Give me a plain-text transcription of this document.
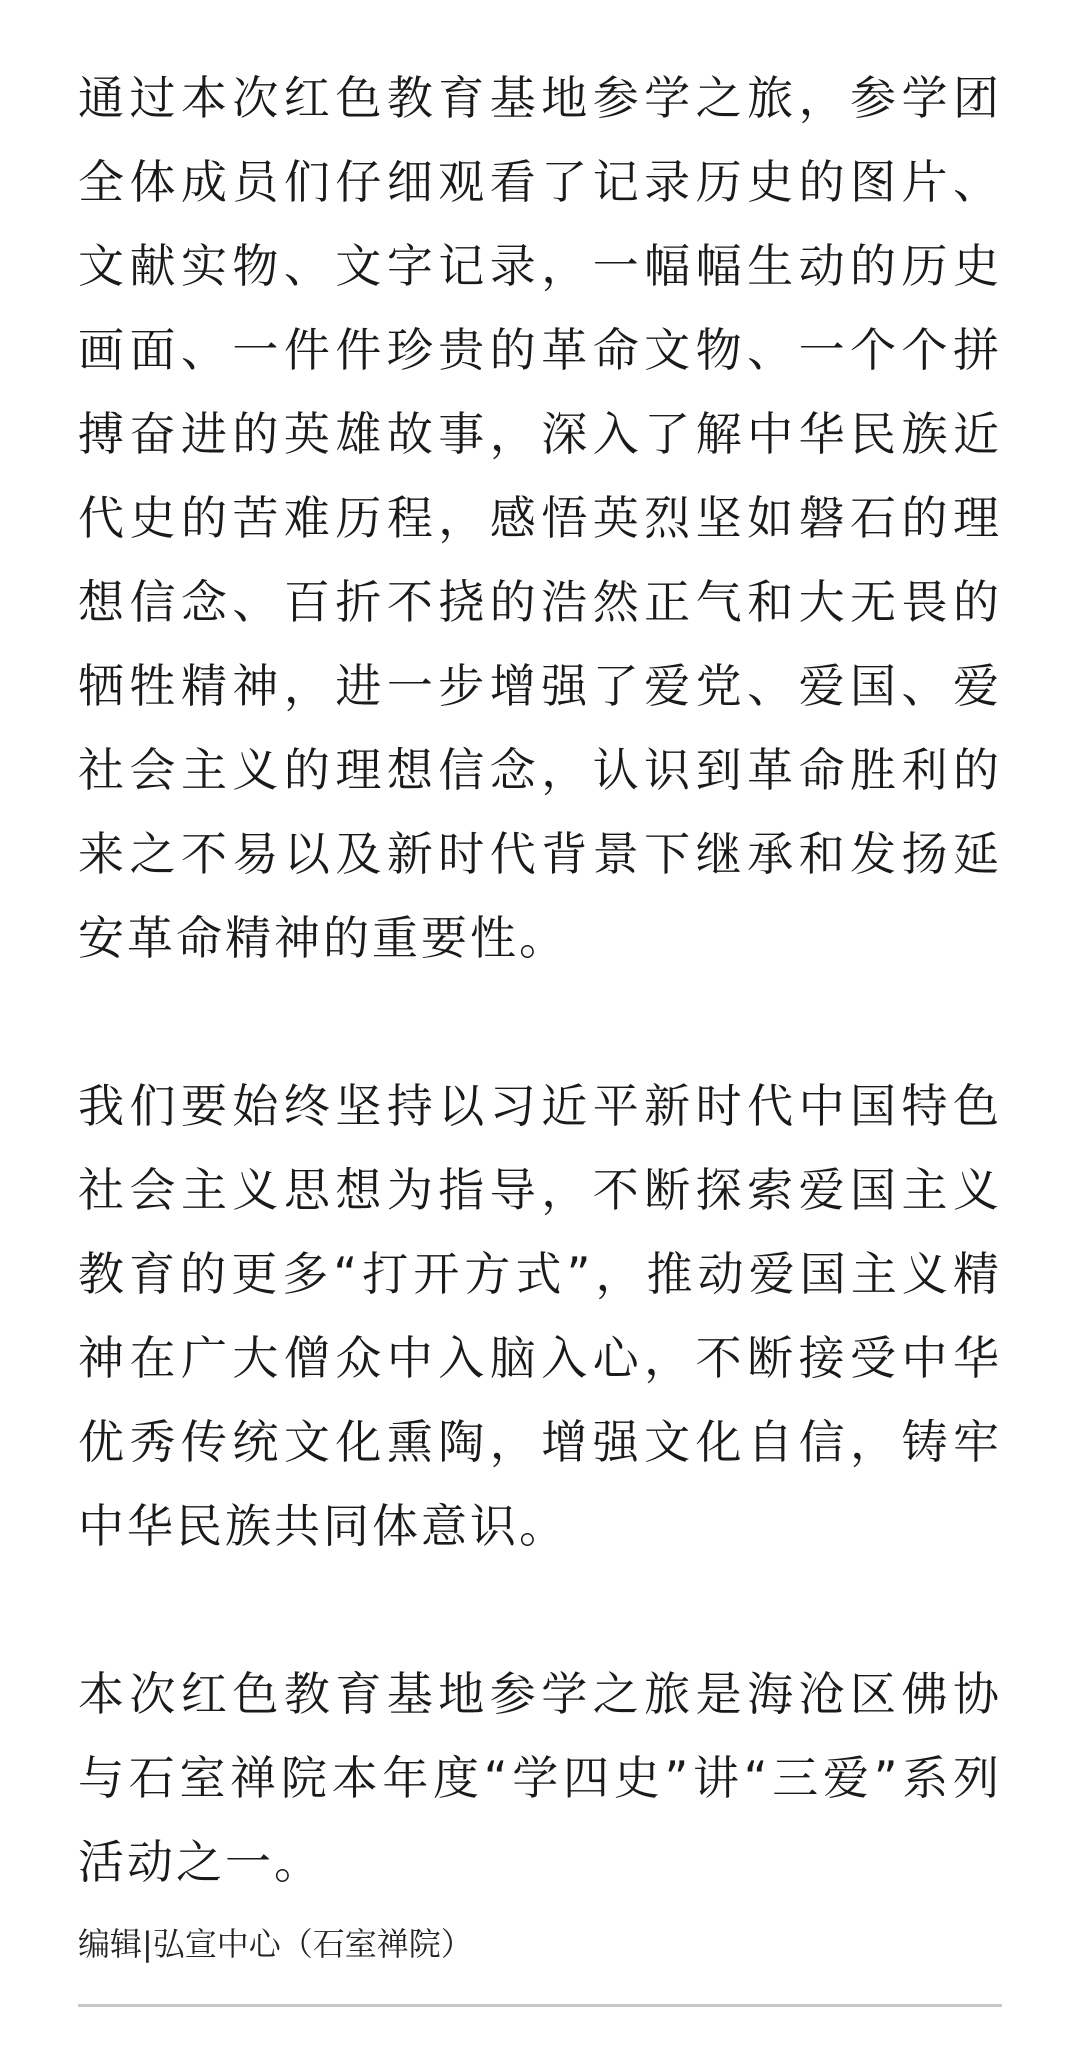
通过本次红色教育基地参学之旅，参学团全体成员们仔细观看了记录历史的图片、文献实物、文字记录，一幅幅生动的历史画面、一件件珍贵的革命文物、一个个拼搏奋进的英雄故事，深入了解中华民族近代史的苦难历程，感悟英烈坚如磐石的理想信念、百折不挠的浩然正气和大无畏的牺牲精神，进一步增强了爱党、爱国、爱社会主义的理想信念，认识到革命胜利的来之不易以及新时代背景下继承和发扬延安革命精神的重要性。

我们要始终坚持以习近平新时代中国特色社会主义思想为指导，不断探索爱国主义教育的更多“打开方式”，推动爱国主义精神在广大僧众中入脑入心，不断接受中华优秀传统文化熏陶，增强文化自信，铸牢中华民族共同体意识。

本次红色教育基地参学之旅是海沧区佛协与石室禅院本年度“学四史”讲“三爱”系列活动之一。

编辑|弘宣中心（石室禅院）
